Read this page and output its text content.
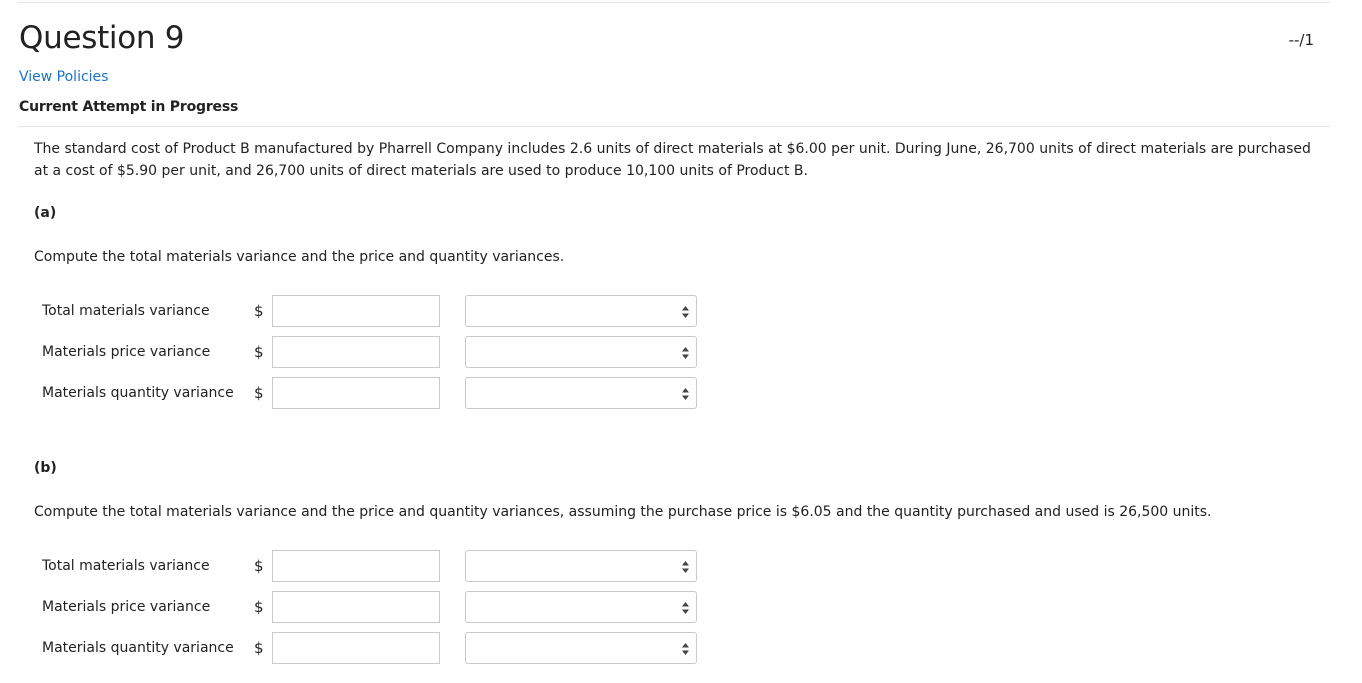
Question 9	--/1
View Policies
Current Attempt in Progress
The standard cost of Product B manufactured by Pharrell Company includes 2.6 units of direct materials at $6.00 per unit. During June, 26,700 units of direct materials are purchased at a cost of $5.90 per unit, and 26,700 units of direct materials are used to produce 10,100 units of Product B.
(a)
Compute the total materials variance and the price and quantity variances.
Total materials variance	$
Materials price variance	$
Materials quantity variance $
(b)
Compute the total materials variance and the price and quantity variances, assuming the purchase price is $6.05 and the quantity purchased and used is 26,500 units.
Total materials variance	$
Materials price variance	$
Materials quantity variance $
